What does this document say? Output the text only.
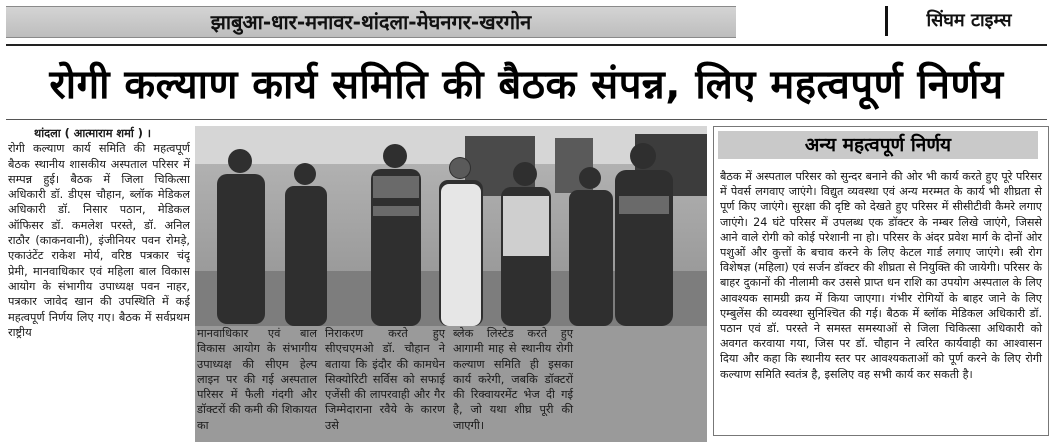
झाबुआ-धार-मनावर-थांदला-मेघनगर-खरगोन	सिंघम टाइम्स
रोगी कल्याण कार्य समिति की बैठक संपन्न, लिए महत्वपूर्ण निर्णय
थांदला ( आत्माराम शर्मा ) ।
रोगी कल्याण कार्य समिति की महत्वपूर्ण बैठक स्थानीय शासकीय अस्पताल परिसर में सम्पन्न हुई। बैठक में जिला चिकित्सा अधिकारी डॉ. डीएस चौहान, ब्लॉक मेडिकल अधिकारी डॉ. निसार पठान, मेडिकल ऑफिसर डॉ. कमलेश परस्ते, डॉ. अनिल राठौर (काकनवानी), इंजीनियर पवन रोमड़े, एकाउंटेंट राकेश मोर्य, वरिष्ठ पत्रकार चंदू प्रेमी, मानवाधिकार एवं महिला बाल विकास आयोग के संभागीय उपाध्यक्ष पवन नाहर, पत्रकार जावेद खान की उपस्थिति में कई महत्वपूर्ण निर्णय लिए गए। बैठक में सर्वप्रथम राष्ट्रीय	मानवाधिकार एवं बाल विकास आयोग के संभागीय उपाध्यक्ष की सीएम हेल्प लाइन पर की गई अस्पताल परिसर में फैली गंदगी और डॉक्टरों की कमी की शिकायत का
निराकरण करते हुए सीएचएमओ डॉ. चौहान ने बताया कि इंदौर की कामधेन सिक्योरिटी सर्विस को सफाई एजेंसी की लापरवाही और गैर जिम्मेदाराना रवैये के कारण उसे
ब्लेक लिस्टेड करते हुए आगामी माह से स्थानीय रोगी कल्याण समिति ही इसका कार्य करेगी, जबकि डॉक्टरों की रिक्वायरमेंट भेज दी गई है, जो यथा शीघ्र पूरी की जाएगी।
अन्य महत्वपूर्ण निर्णय
बैठक में अस्पताल परिसर को सुन्दर बनाने की ओर भी कार्य करते हुए पूरे परिसर में पेवर्स लगवाए जाएंगे। विद्युत व्यवस्था एवं अन्य मरम्मत के कार्य भी शीघ्रता से पूर्ण किए जाएंगे। सुरक्षा की दृष्टि को देखते हुए परिसर में सीसीटीवी कैमरे लगाए जाएंगे। 24 घंटे परिसर में उपलब्ध एक डॉक्टर के नम्बर लिखे जाएंगे, जिससे आने वाले रोगी को कोई परेशानी ना हो। परिसर के अंदर प्रवेश मार्ग के दोनों ओर पशुओं और कुत्तों के बचाव करने के लिए केटल गार्ड लगाए जाएंगे। स्त्री रोग विशेषज्ञ (महिला) एवं सर्जन डॉक्टर की शीघ्रता से नियुक्ति की जायेगी। परिसर के बाहर दुकानों की नीलामी कर उससे प्राप्त धन राशि का उपयोग अस्पताल के लिए आवश्यक सामग्री क्रय में किया जाएगा। गंभीर रोगियों के बाहर जाने के लिए एम्बुलेंस की व्यवस्था सुनिश्चित की गई। बैठक में ब्लॉक मेडिकल अधिकारी डॉ. पठान एवं डॉ. परस्ते ने समस्त समस्याओं से जिला चिकित्सा अधिकारी को अवगत करवाया गया, जिस पर डॉ. चौहान ने त्वरित कार्यवाही का आश्वासन दिया और कहा कि स्थानीय स्तर पर आवश्यकताओं को पूर्ण करने के लिए रोगी कल्याण समिति स्वतंत्र है, इसलिए वह सभी कार्य कर सकती है।
